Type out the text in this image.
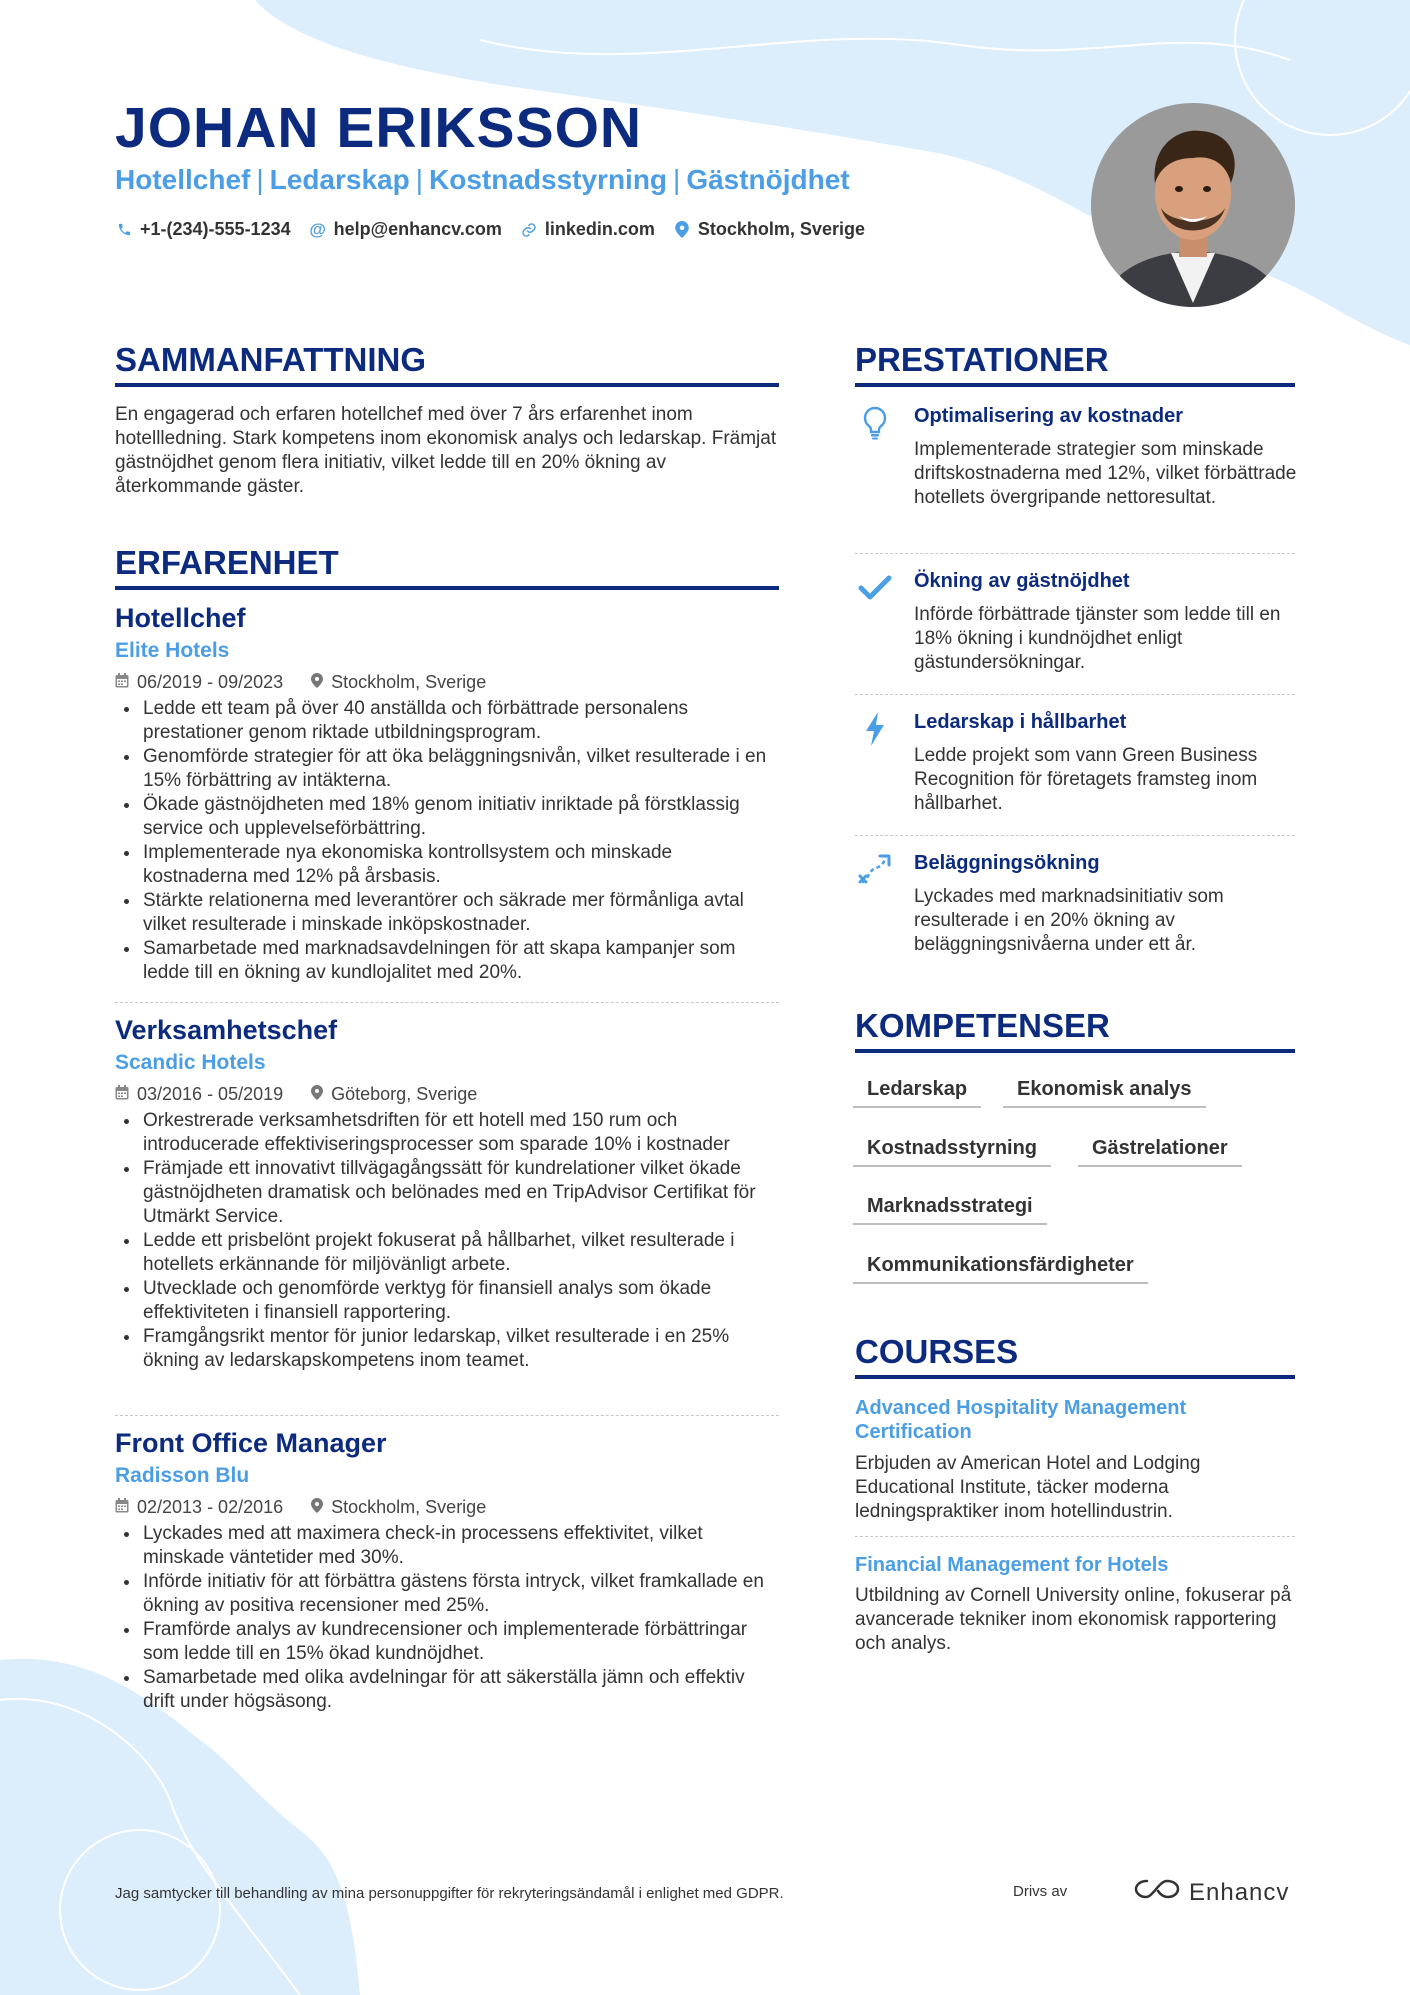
JOHAN ERIKSSON
Hotellchef | Ledarskap | Kostnadsstyrning | Gästnöjdhet
+1-(234)-555-1234 @ help@enhancv.com linkedin.com Stockholm, Sverige
SAMMANFATTNING

En engagerad och erfaren hotellchef med över 7 års erfarenhet inom hotellledning. Stark kompetens inom ekonomisk analys och ledarskap. Främjat gästnöjdhet genom flera initiativ, vilket ledde till en 20% ökning av återkommande gäster.

ERFARENHET
Hotellchef
Elite Hotels
06/2019 - 09/2023	Stockholm, Sverige
• Ledde ett team på över 40 anställda och förbättrade personalens prestationer genom riktade utbildningsprogram.
• Genomförde strategier för att öka beläggningsnivån, vilket resulterade i en 15% förbättring av intäkterna.
• Ökade gästnöjdheten med 18% genom initiativ inriktade på förstklassig service och upplevelseförbättring.
• Implementerade nya ekonomiska kontrollsystem och minskade kostnaderna med 12% på årsbasis.
• Stärkte relationerna med leverantörer och säkrade mer förmånliga avtal vilket resulterade i minskade inköpskostnader.
• Samarbetade med marknadsavdelningen för att skapa kampanjer som ledde till en ökning av kundlojalitet med 20%.
Verksamhetschef
Scandic Hotels
03/2016 - 05/2019	Göteborg, Sverige
• Orkestrerade verksamhetsdriften för ett hotell med 150 rum och introducerade effektiviseringsprocesser som sparade 10% i kostnader
• Främjade ett innovativt tillvägagångssätt för kundrelationer vilket ökade gästnöjdheten dramatisk och belönades med en TripAdvisor Certifikat för Utmärkt Service.
• Ledde ett prisbelönt projekt fokuserat på hållbarhet, vilket resulterade i hotellets erkännande för miljövänligt arbete.
• Utvecklade och genomförde verktyg för finansiell analys som ökade effektiviteten i finansiell rapportering.
• Framgångsrikt mentor för junior ledarskap, vilket resulterade i en 25% ökning av ledarskapskompetens inom teamet.
Front Office Manager
Radisson Blu
02/2013 - 02/2016	Stockholm, Sverige
• Lyckades med att maximera check-in processens effektivitet, vilket minskade väntetider med 30%.
• Införde initiativ för att förbättra gästens första intryck, vilket framkallade en ökning av positiva recensioner med 25%.
• Framförde analys av kundrecensioner och implementerade förbättringar som ledde till en 15% ökad kundnöjdhet.
• Samarbetade med olika avdelningar för att säkerställa jämn och effektiv drift under högsäsong.
PRESTATIONER
Optimalisering av kostnader

Implementerade strategier som minskade driftskostnaderna med 12%, vilket förbättrade hotellets övergripande nettoresultat.

Ökning av gästnöjdhet

Införde förbättrade tjänster som ledde till en 18% ökning i kundnöjdhet enligt gästundersökningar.

Ledarskap i hållbarhet

Ledde projekt som vann Green Business Recognition för företagets framsteg inom hållbarhet.

Beläggningsökning

Lyckades med marknadsinitiativ som resulterade i en 20% ökning av beläggningsnivåerna under ett år.

KOMPETENSER
Ledarskap	Ekonomisk analys
Kostnadsstyrning	Gästrelationer
Marknadsstrategi
Kommunikationsfärdigheter
COURSES
Advanced Hospitality Management Certification

Erbjuden av American Hotel and Lodging Educational Institute, täcker moderna ledningspraktiker inom hotellindustrin.

Financial Management for Hotels

Utbildning av Cornell University online, fokuserar på avancerade tekniker inom ekonomisk rapportering och analys.

Jag samtycker till behandling av mina personuppgifter för rekryteringsändamål i enlighet med GDPR.	Drivs av	Enhancv
